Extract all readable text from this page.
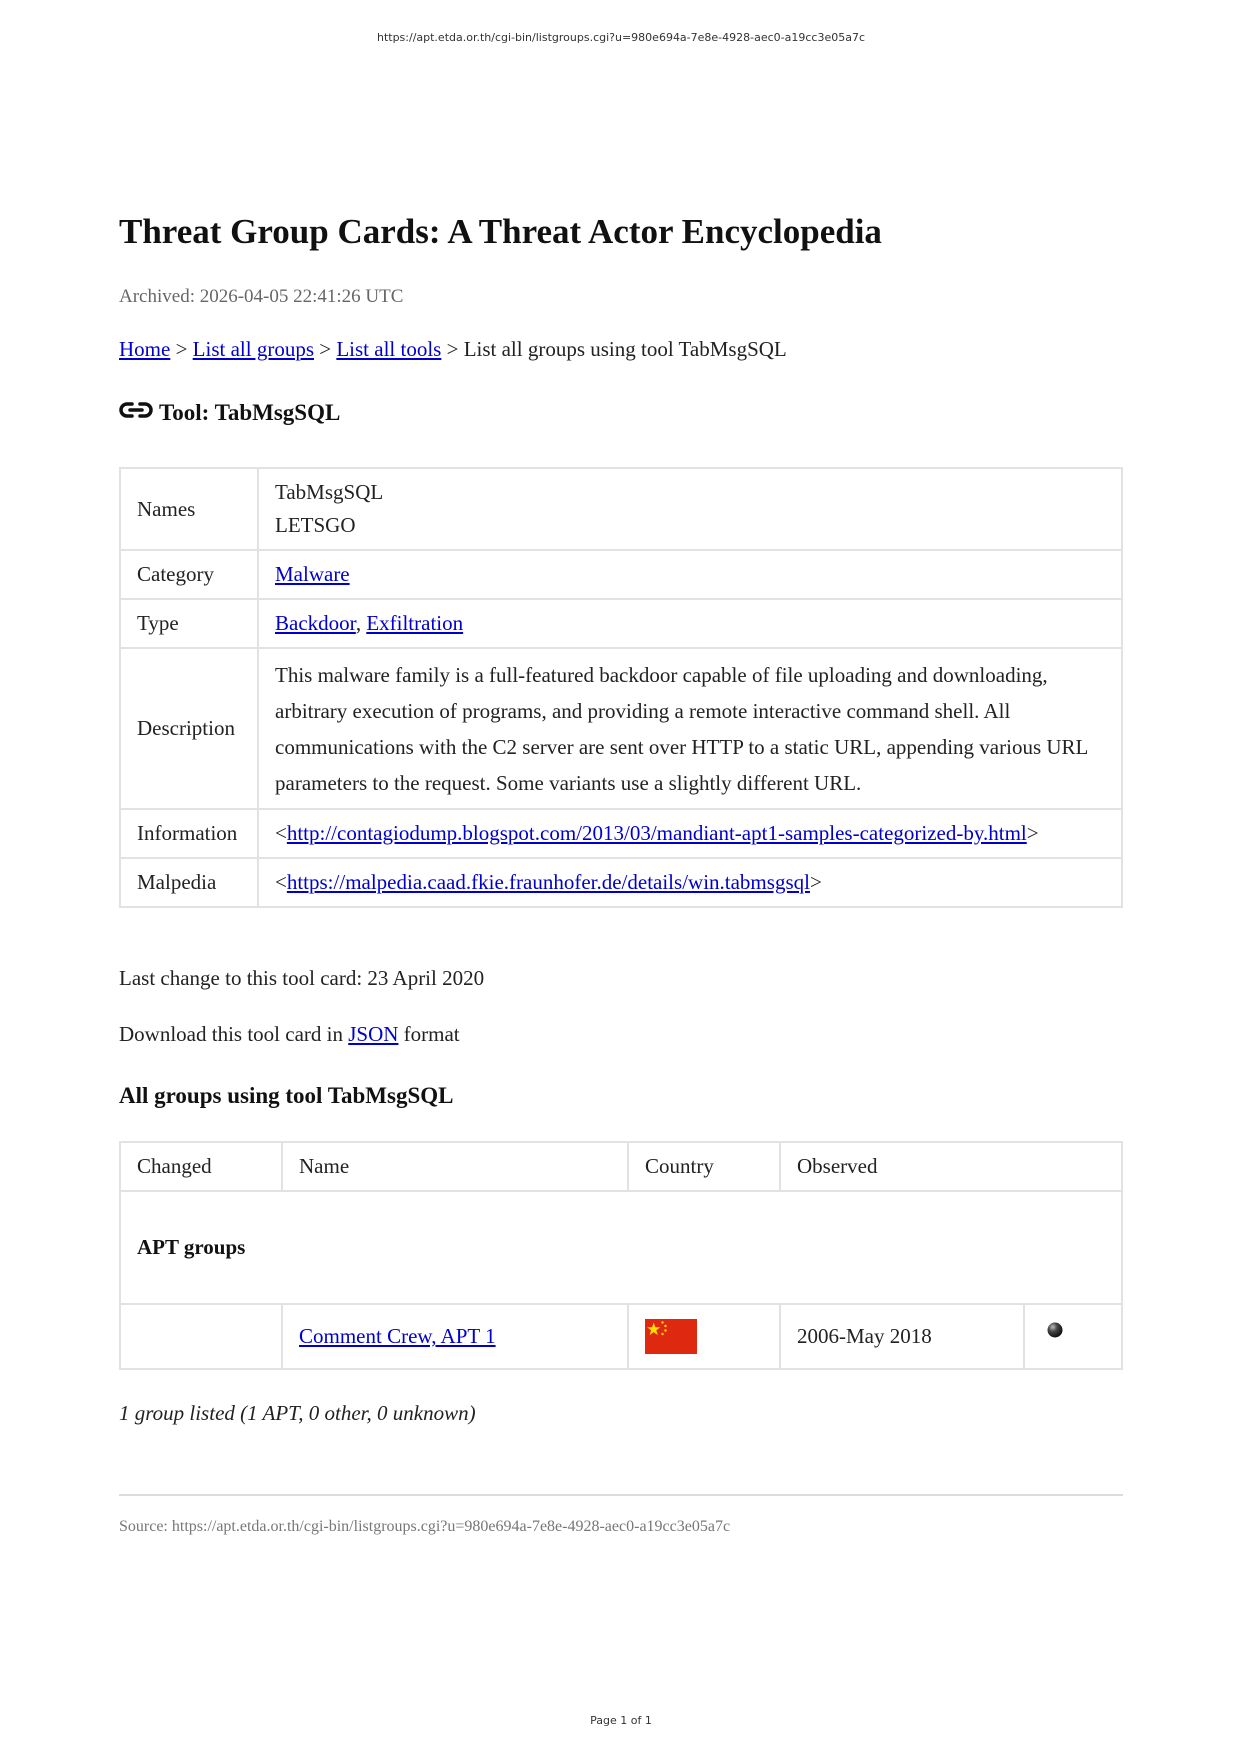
https://apt.etda.or.th/cgi-bin/listgroups.cgi?u=980e694a-7e8e-4928-aec0-a19cc3e05a7c
Threat Group Cards: A Threat Actor Encyclopedia
Archived: 2026-04-05 22:41:26 UTC
Home > List all groups > List all tools > List all groups using tool TabMsgSQL
Tool: TabMsgSQL
Names	TabMsgSQL
LETSGO

Category	Malware
Type	Backdoor, Exfiltration
Description	This malware family is a full-featured backdoor capable of file uploading and downloading, arbitrary execution of programs, and providing a remote interactive command shell. All communications with the C2 server are sent over HTTP to a static URL, appending various URL parameters to the request. Some variants use a slightly different URL.
Information	<http://contagiodump.blogspot.com/2013/03/mandiant-apt1-samples-categorized-by.html>
Malpedia	<https://malpedia.caad.fkie.fraunhofer.de/details/win.tabmsgsql>
Last change to this tool card: 23 April 2020
Download this tool card in JSON format
All groups using tool TabMsgSQL
Changed	Name	Country	Observed	
APT groups				
	Comment Crew, APT 1		2006-May 2018	
1 group listed (1 APT, 0 other, 0 unknown)
Source: https://apt.etda.or.th/cgi-bin/listgroups.cgi?u=980e694a-7e8e-4928-aec0-a19cc3e05a7c
Page 1 of 1
